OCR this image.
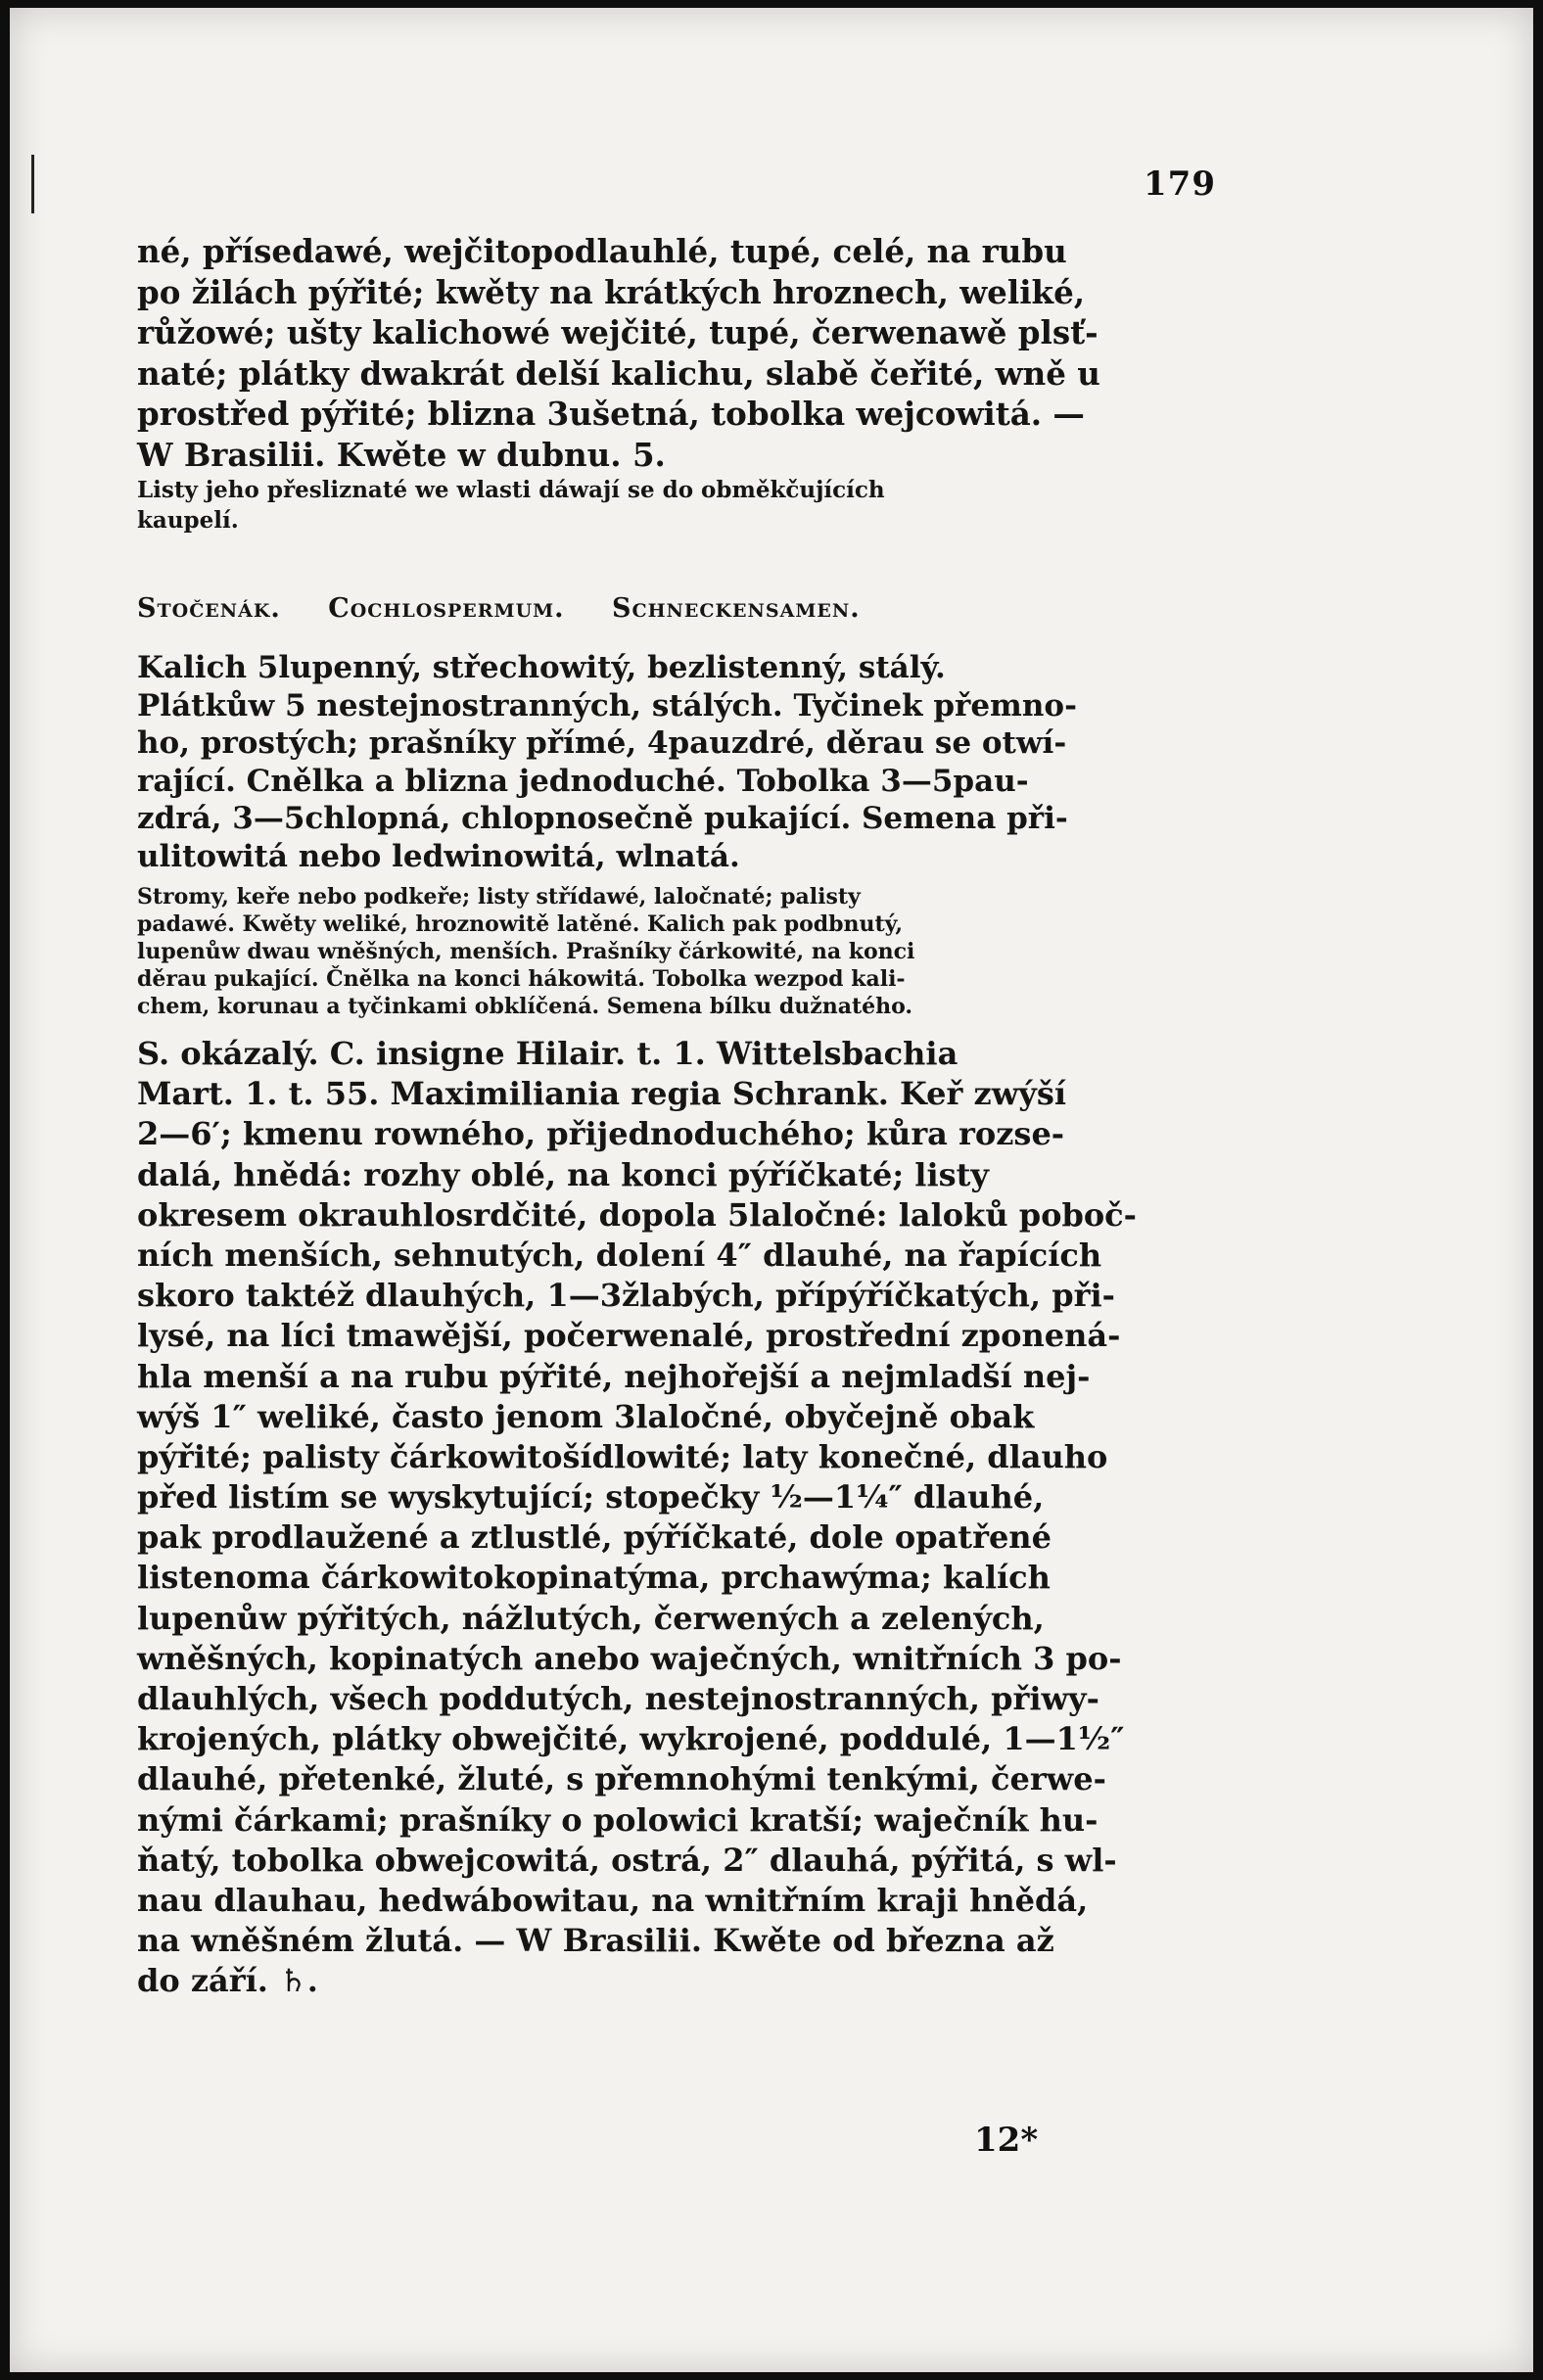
179
né, přísedawé, wejčitopodlauhlé, tupé, celé, na rubu
po žilách pýřité; kwěty na krátkých hroznech, weliké,
růžowé; ušty kalichowé wejčité, tupé, čerwenawě plsť-
naté; plátky dwakrát delší kalichu, slabě čeřité, wně u
prostřed pýřité; blizna 3ušetná, tobolka wejcowitá. —
W Brasilii. Kwěte w dubnu. 5.
Listy jeho přesliznaté we wlasti dáwají se do obměkčujících
kaupelí.
Stočenák. Cochlospermum. Schneckensamen.
Kalich 5lupenný, střechowitý, bezlistenný, stálý.
Plátkůw 5 nestejnostranných, stálých. Tyčinek přemno-
ho, prostých; prašníky přímé, 4pauzdré, děrau se otwí-
rající. Cnělka a blizna jednoduché. Tobolka 3—5pau-
zdrá, 3—5chlopná, chlopnosečně pukající. Semena při-
ulitowitá nebo ledwinowitá, wlnatá.
Stromy, keře nebo podkeře; listy střídawé, laločnaté; palisty
padawé. Kwěty weliké, hroznowitě latěné. Kalich pak podbnutý,
lupenůw dwau wněšných, menších. Prašníky čárkowité, na konci
děrau pukající. Čnělka na konci hákowitá. Tobolka wezpod kali-
chem, korunau a tyčinkami obklíčená. Semena bílku dužnatého.
S. okázalý. C. insigne Hilair. t. 1. Wittelsbachia
Mart. 1. t. 55. Maximiliania regia Schrank. Keř zwýší
2—6′; kmenu rowného, přijednoduchého; kůra rozse-
dalá, hnědá: rozhy oblé, na konci pýříčkaté; listy
okresem okrauhlosrdčité, dopola 5laločné: laloků poboč-
ních menších, sehnutých, dolení 4″ dlauhé, na řapících
skoro taktéž dlauhých, 1—3žlabých, přípýříčkatých, při-
lysé, na líci tmawější, počerwenalé, prostřední zponená-
hla menší a na rubu pýřité, nejhořejší a nejmladší nej-
wýš 1″ weliké, často jenom 3laločné, obyčejně obak
pýřité; palisty čárkowitošídlowité; laty konečné, dlauho
před listím se wyskytující; stopečky ½—1¼″ dlauhé,
pak prodlaužené a ztlustlé, pýříčkaté, dole opatřené
listenoma čárkowitokopinatýma, prchawýma; kalích
lupenůw pýřitých, nážlutých, čerwených a zelených,
wněšných, kopinatých anebo waječných, wnitřních 3 po-
dlauhlých, všech poddutých, nestejnostranných, přiwy-
krojených, plátky obwejčité, wykrojené, poddulé, 1—1½″
dlauhé, přetenké, žluté, s přemnohými tenkými, čerwe-
nými čárkami; prašníky o polowici kratší; waječník hu-
ňatý, tobolka obwejcowitá, ostrá, 2″ dlauhá, pýřitá, s wl-
nau dlauhau, hedwábowitau, na wnitřním kraji hnědá,
na wněšném žlutá. — W Brasilii. Kwěte od března až
do září. ♄.
12*
